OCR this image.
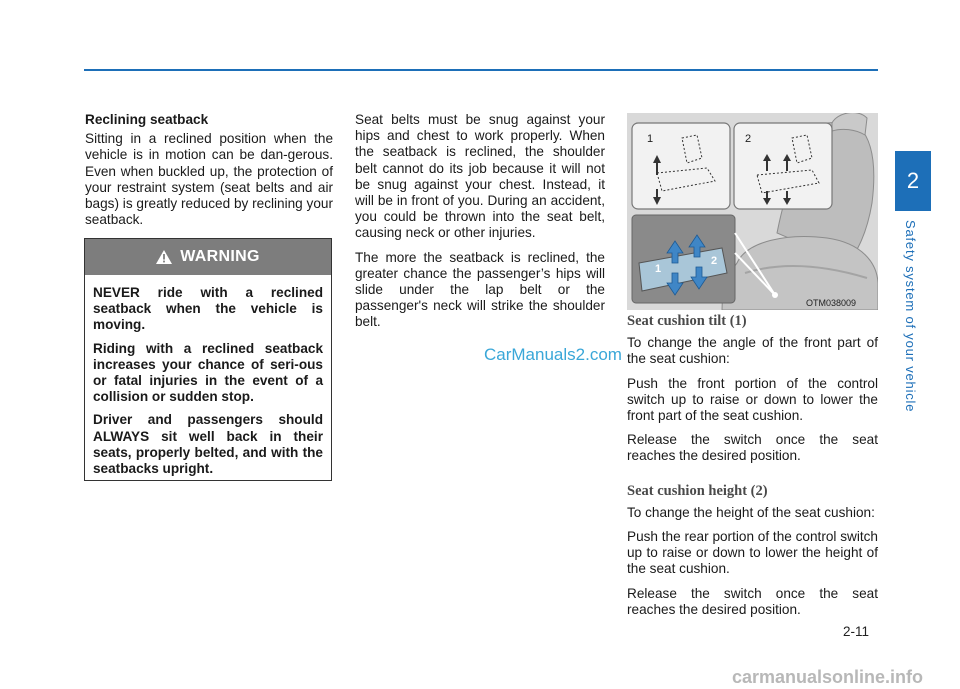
Reclining seatback

Sitting in a reclined position when the vehicle is in motion can be dan-gerous. Even when buckled up, the protection of your restraint system (seat belts and air bags) is greatly reduced by reclining your seatback.

WARNING

NEVER ride with a reclined seatback when the vehicle is moving.

Riding with a reclined seatback increases your chance of seri-ous or fatal injuries in the event of a collision or sudden stop.

Driver and passengers should ALWAYS sit well back in their seats, properly belted, and with the seatbacks upright.

Seat belts must be snug against your hips and chest to work properly. When the seatback is reclined, the shoulder belt cannot do its job because it will not be snug against your chest. Instead, it will be in front of you. During an accident, you could be thrown into the seat belt, causing neck or other injuries.

The more the seatback is reclined, the greater chance the passenger’s hips will slide under the lap belt or the passenger's neck will strike the shoulder belt.

1	2
1
2
OTM038009

Seat cushion tilt (1)

To change the angle of the front part of the seat cushion:

Push the front portion of the control switch up to raise or down to lower the front part of the seat cushion.

Release the switch once the seat reaches the desired position.

Seat cushion height (2)

To change the height of the seat cushion:

Push the rear portion of the control switch up to raise or down to lower the height of the seat cushion.

Release the switch once the seat reaches the desired position.

2
Safety system of your vehicle
2-11
CarManuals2.com
carmanualsonline.info
